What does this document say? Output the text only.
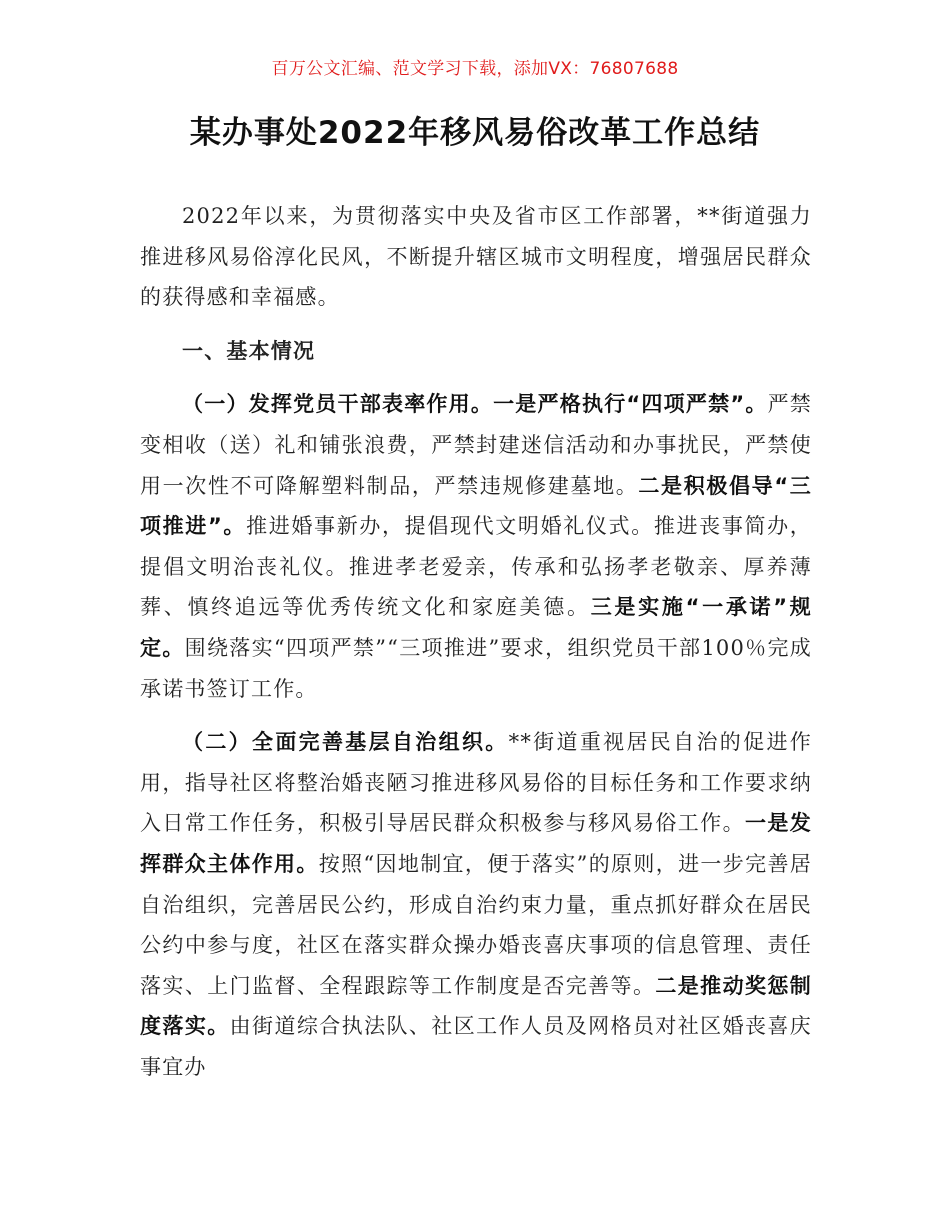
百万公文汇编、范文学习下载，添加VX：76807688
某办事处2022年移风易俗改革工作总结

2022年以来，为贯彻落实中央及省市区工作部署，**街道强力推进移风易俗淳化民风，不断提升辖区城市文明程度，增强居民群众的获得感和幸福感。

一、基本情况

（一）发挥党员干部表率作用。一是严格执行“四项严禁”。严禁变相收（送）礼和铺张浪费，严禁封建迷信活动和办事扰民，严禁使用一次性不可降解塑料制品，严禁违规修建墓地。二是积极倡导“三项推进”。推进婚事新办，提倡现代文明婚礼仪式。推进丧事简办，提倡文明治丧礼仪。推进孝老爱亲，传承和弘扬孝老敬亲、厚养薄葬、慎终追远等优秀传统文化和家庭美德。三是实施“一承诺”规定。围绕落实“四项严禁”“三项推进”要求，组织党员干部100％完成承诺书签订工作。

（二）全面完善基层自治组织。**街道重视居民自治的促进作用，指导社区将整治婚丧陋习推进移风易俗的目标任务和工作要求纳入日常工作任务，积极引导居民群众积极参与移风易俗工作。一是发挥群众主体作用。按照“因地制宜，便于落实”的原则，进一步完善居自治组织，完善居民公约，形成自治约束力量，重点抓好群众在居民公约中参与度，社区在落实群众操办婚丧喜庆事项的信息管理、责任落实、上门监督、全程跟踪等工作制度是否完善等。二是推动奖惩制度落实。由街道综合执法队、社区工作人员及网格员对社区婚丧喜庆事宜办
